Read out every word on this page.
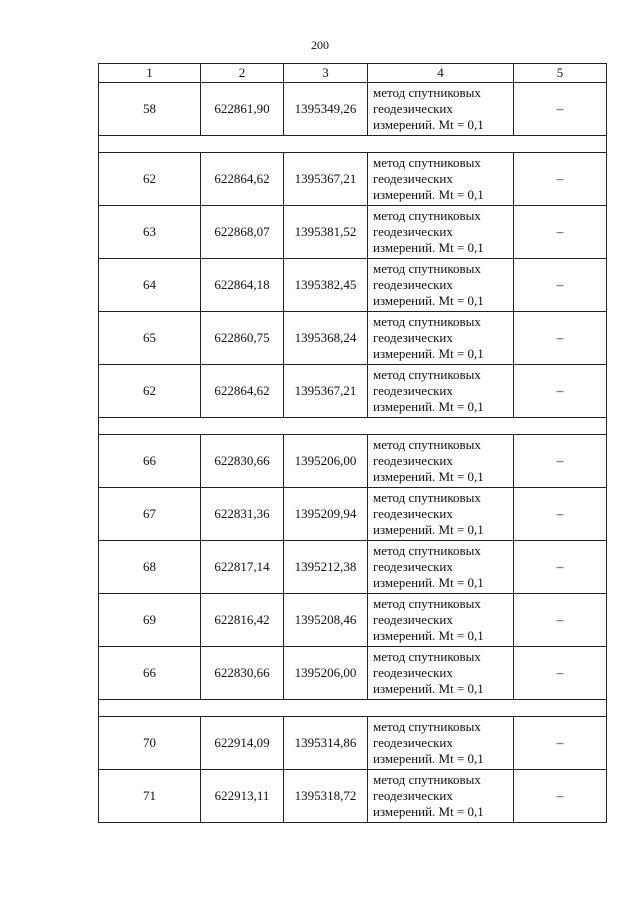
200
1	2	3	4	5
58	622861,90	1395349,26	метод спутниковых
геодезических
измерений. Mt = 0,1	–

62	622864,62	1395367,21	метод спутниковых
геодезических
измерений. Mt = 0,1	–
63	622868,07	1395381,52	метод спутниковых
геодезических
измерений. Mt = 0,1	–
64	622864,18	1395382,45	метод спутниковых
геодезических
измерений. Mt = 0,1	–
65	622860,75	1395368,24	метод спутниковых
геодезических
измерений. Mt = 0,1	–
62	622864,62	1395367,21	метод спутниковых
геодезических
измерений. Mt = 0,1	–

66	622830,66	1395206,00	метод спутниковых
геодезических
измерений. Mt = 0,1	–
67	622831,36	1395209,94	метод спутниковых
геодезических
измерений. Mt = 0,1	–
68	622817,14	1395212,38	метод спутниковых
геодезических
измерений. Mt = 0,1	–
69	622816,42	1395208,46	метод спутниковых
геодезических
измерений. Mt = 0,1	–
66	622830,66	1395206,00	метод спутниковых
геодезических
измерений. Mt = 0,1	–

70	622914,09	1395314,86	метод спутниковых
геодезических
измерений. Mt = 0,1	–
71	622913,11	1395318,72	метод спутниковых
геодезических
измерений. Mt = 0,1	–
